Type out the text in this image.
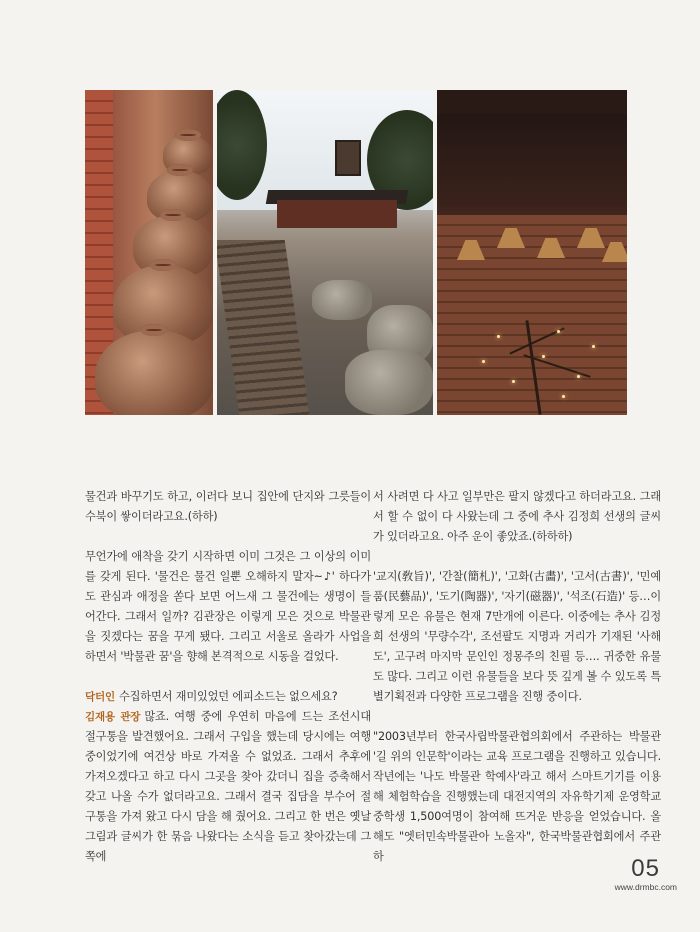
물건과 바꾸기도 하고, 이러다 보니 집안에 단지와 그릇들이 수북이 쌓이더라고요.(하하)

무언가에 애착을 갖기 시작하면 이미 그것은 그 이상의 이미를 갖게 된다. '물건은 물건 일뿐 오해하지 말자~♪' 하다가도 관심과 애정을 쏟다 보면 어느새 그 물건에는 생명이 들어간다. 그래서 일까? 김관장은 이렇게 모은 것으로 박물관을 짓겠다는 꿈을 꾸게 됐다. 그리고 서울로 올라가 사업을 하면서 '박물관 꿈'을 향해 본격적으로 시동을 걸었다.

닥터인 수집하면서 재미있었던 에피소드는 없으세요?

김재용 관장 많죠. 여행 중에 우연히 마음에 드는 조선시대 절구통을 발견했어요. 그래서 구입을 했는데 당시에는 여행 중이었기에 여건상 바로 가져올 수 없었죠. 그래서 추후에 가져오겠다고 하고 다시 그곳을 찾아 갔더니 집을 증축해서 갖고 나올 수가 없더라고요. 그래서 결국 집담을 부수어 절구통을 가져 왔고 다시 담을 해 줬어요. 그리고 한 번은 옛날 그림과 글씨가 한 묶음 나왔다는 소식을 듣고 찾아갔는데 그쪽에

서 사려면 다 사고 일부만은 팔지 않겠다고 하더라고요. 그래서 할 수 없이 다 사왔는데 그 중에 추사 김정희 선생의 글씨가 있더라고요. 아주 운이 좋았죠.(하하하)

'교지(敎旨)', '간찰(簡札)', '고화(古畵)', '고서(古書)', '민예품(民藝品)', '도기(陶器)', '자기(磁器)', '석조(石造)' 등…이렇게 모은 유물은 현재 7만개에 이른다. 이중에는 추사 김정희 선생의 '무량수각', 조선팔도 지명과 거리가 기재된 '사해도', 고구려 마지막 문인인 정몽주의 친필 등…. 귀중한 유물도 많다. 그리고 이런 유물들을 보다 뜻 깊게 볼 수 있도록 특별기획전과 다양한 프로그램을 진행 중이다.

"2003년부터 한국사립박물관협의회에서 주관하는 박물관 '길 위의 인문학'이라는 교육 프로그램을 진행하고 있습니다. 작년에는 '나도 박물관 학예사'라고 해서 스마트기기를 이용해 체험학습을 진행했는데 대전지역의 자유학기제 운영학교 중학생 1,500여명이 참여해 뜨거운 반응을 얻었습니다. 올 해도 "엣터민속박물관아 노올자", 한국박물관협회에서 주관하	05
www.drmbc.com
